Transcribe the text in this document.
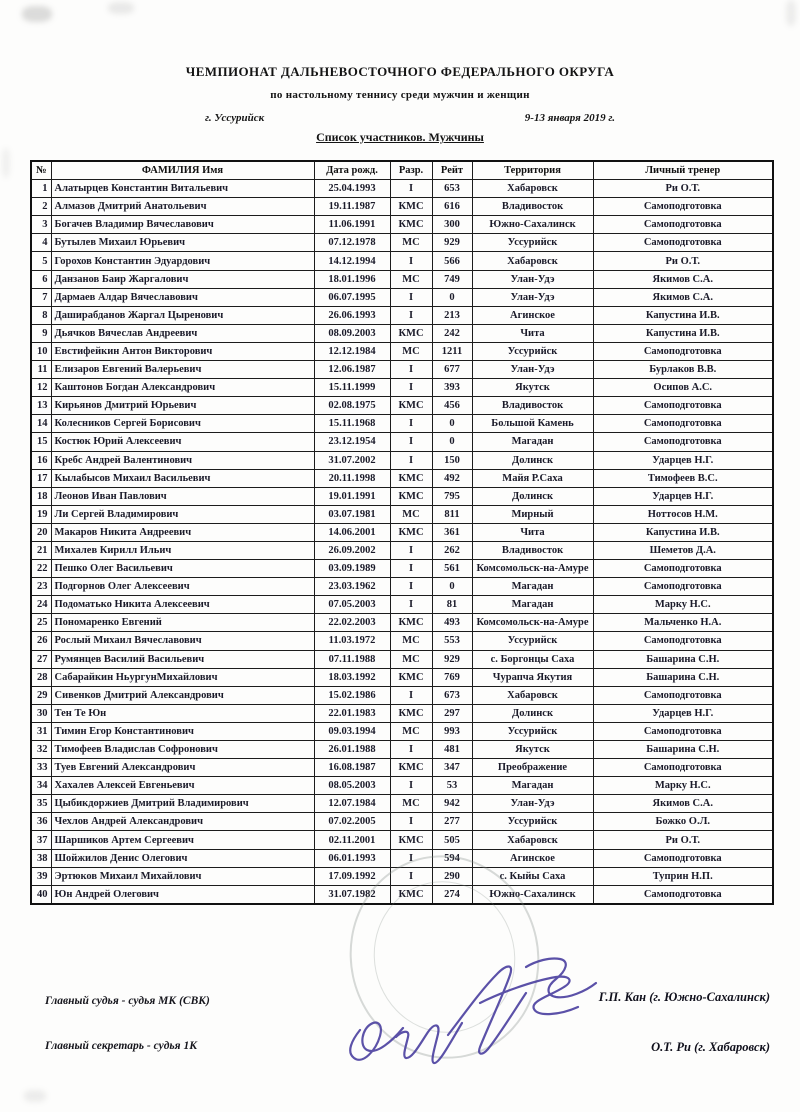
ЧЕМПИОНАТ ДАЛЬНЕВОСТОЧНОГО ФЕДЕРАЛЬНОГО ОКРУГА
по настольному теннису среди мужчин и женщин
г. Уссурийск	9-13 января 2019 г.
Список участников. Мужчины
№	ФАМИЛИЯ Имя	Дата рожд.	Разр.	Рейт	Территория	Личный тренер
1	Алатырцев Константин Витальевич	25.04.1993	I	653	Хабаровск	Ри О.Т.
2	Алмазов Дмитрий Анатольевич	19.11.1987	КМС	616	Владивосток	Самоподготовка
3	Богачев Владимир Вячеславович	11.06.1991	КМС	300	Южно-Сахалинск	Самоподготовка
4	Бутылев Михаил Юрьевич	07.12.1978	МС	929	Уссурийск	Самоподготовка
5	Горохов Константин Эдуардович	14.12.1994	I	566	Хабаровск	Ри О.Т.
6	Данзанов Баир Жаргалович	18.01.1996	МС	749	Улан-Удэ	Якимов С.А.
7	Дармаев Алдар Вячеславович	06.07.1995	I	0	Улан-Удэ	Якимов С.А.
8	Даширабданов Жаргал Цыренович	26.06.1993	I	213	Агинское	Капустина И.В.
9	Дьячков Вячеслав Андреевич	08.09.2003	КМС	242	Чита	Капустина И.В.
10	Евстифейкин Антон Викторович	12.12.1984	МС	1211	Уссурийск	Самоподготовка
11	Елизаров Евгений Валерьевич	12.06.1987	I	677	Улан-Удэ	Бурлаков В.В.
12	Каштонов Богдан Александрович	15.11.1999	I	393	Якутск	Осипов А.С.
13	Кирьянов Дмитрий Юрьевич	02.08.1975	КМС	456	Владивосток	Самоподготовка
14	Колесников Сергей Борисович	15.11.1968	I	0	Большой Камень	Самоподготовка
15	Костюк Юрий Алексеевич	23.12.1954	I	0	Магадан	Самоподготовка
16	Кребс Андрей Валентинович	31.07.2002	I	150	Долинск	Ударцев Н.Г.
17	Кылабысов Михаил Васильевич	20.11.1998	КМС	492	Майя Р.Саха	Тимофеев В.С.
18	Леонов Иван Павлович	19.01.1991	КМС	795	Долинск	Ударцев Н.Г.
19	Ли Сергей Владимирович	03.07.1981	МС	811	Мирный	Ноттосов Н.М.
20	Макаров Никита Андреевич	14.06.2001	КМС	361	Чита	Капустина И.В.
21	Михалев Кирилл Ильич	26.09.2002	I	262	Владивосток	Шеметов Д.А.
22	Пешко Олег Васильевич	03.09.1989	I	561	Комсомольск-на-Амуре	Самоподготовка
23	Подгорнов Олег Алексеевич	23.03.1962	I	0	Магадан	Самоподготовка
24	Подоматько Никита Алексеевич	07.05.2003	I	81	Магадан	Марку Н.С.
25	Пономаренко Евгений	22.02.2003	КМС	493	Комсомольск-на-Амуре	Мальченко Н.А.
26	Рослый Михаил Вячеславович	11.03.1972	МС	553	Уссурийск	Самоподготовка
27	Румянцев Василий Васильевич	07.11.1988	МС	929	с. Боргонцы Саха	Башарина С.Н.
28	Сабарайкин НьургунМихайлович	18.03.1992	КМС	769	Чурапча Якутия	Башарина С.Н.
29	Сивенков Дмитрий Александрович	15.02.1986	I	673	Хабаровск	Самоподготовка
30	Тен Те Юн	22.01.1983	КМС	297	Долинск	Ударцев Н.Г.
31	Тимин Егор Константинович	09.03.1994	МС	993	Уссурийск	Самоподготовка
32	Тимофеев Владислав Софронович	26.01.1988	I	481	Якутск	Башарина С.Н.
33	Туев Евгений Александрович	16.08.1987	КМС	347	Преображение	Самоподготовка
34	Хахалев Алексей Евгеньевич	08.05.2003	I	53	Магадан	Марку Н.С.
35	Цыбикдоржиев Дмитрий Владимирович	12.07.1984	МС	942	Улан-Удэ	Якимов С.А.
36	Чехлов Андрей Александрович	07.02.2005	I	277	Уссурийск	Божко О.Л.
37	Шаршиков Артем Сергеевич	02.11.2001	КМС	505	Хабаровск	Ри О.Т.
38	Шойжилов Денис Олегович	06.01.1993	I	594	Агинское	Самоподготовка
39	Эртюков Михаил Михайлович	17.09.1992	I	290	с. Кыйы Саха	Туприн Н.П.
40	Юн Андрей Олегович	31.07.1982	КМС	274	Южно-Сахалинск	Самоподготовка
Главный судья - судья МК (СВК)
Главный секретарь - судья 1К
Г.П. Кан (г. Южно-Сахалинск)
О.Т. Ри (г. Хабаровск)
